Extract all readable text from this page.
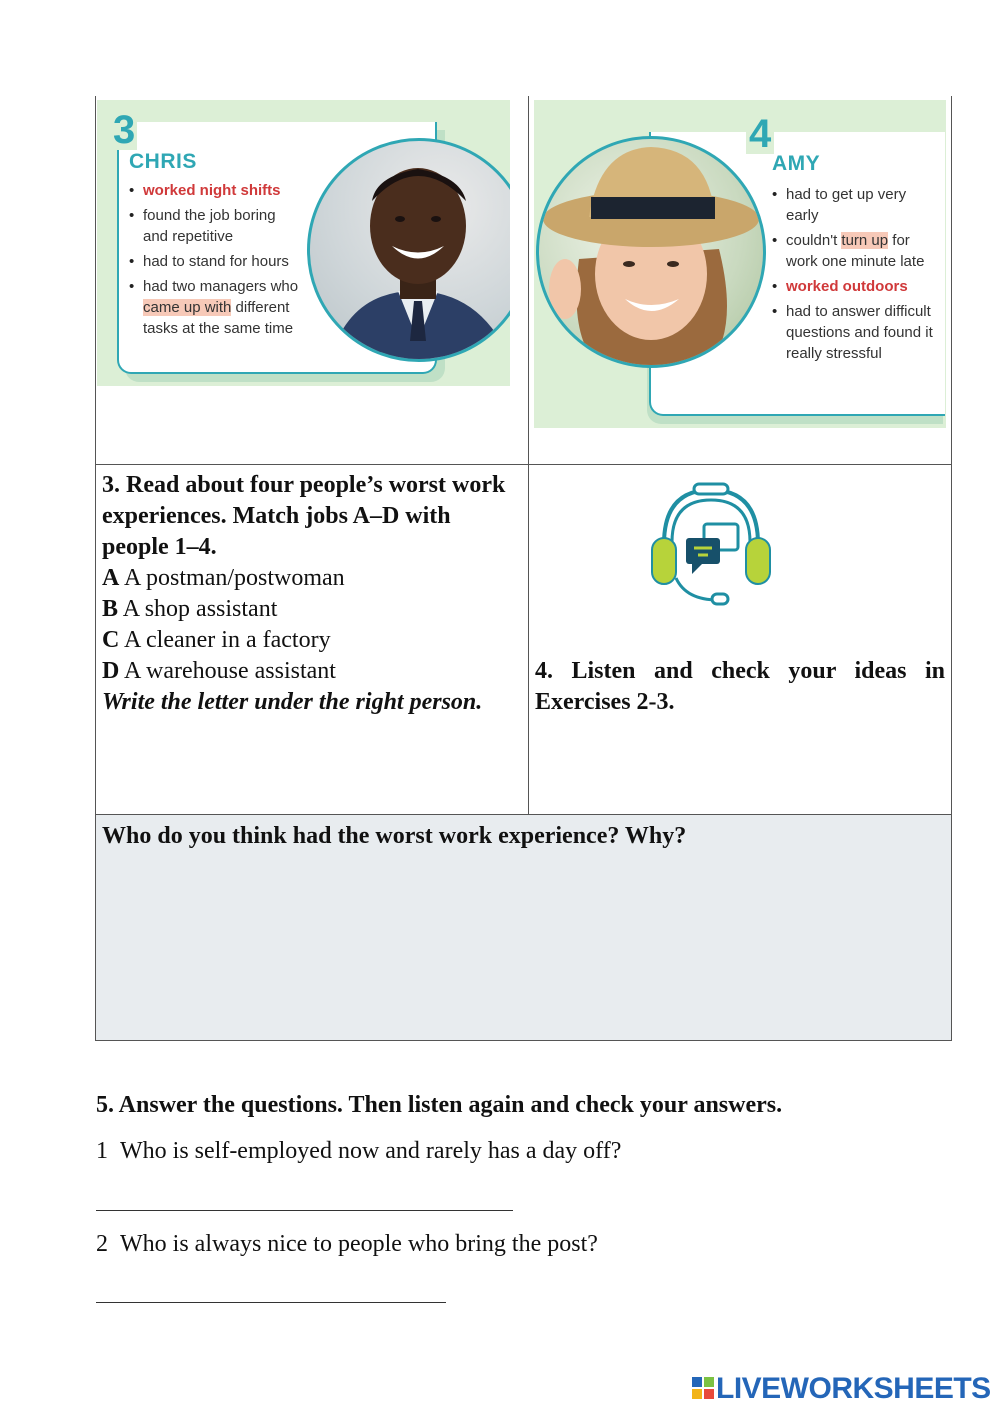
3
CHRIS
• worked night shifts
• found the job boring and repetitive
• had to stand for hours
• had two managers who came up with different tasks at the same time
4
AMY
• had to get up very early
• couldn't turn up for work one minute late
• worked outdoors
• had to answer difficult questions and found it really stressful
3. Read about four people’s worst work experiences. Match jobs A–D with people 1–4.
A A postman/postwoman
B A shop assistant
C A cleaner in a factory
D A warehouse assistant
Write the letter under the right person.
4. Listen and check your ideas in Exercises 2-3.
Who do you think had the worst work experience? Why?
5. Answer the questions. Then listen again and check your answers.
1 Who is self-employed now and rarely has a day off?
2 Who is always nice to people who bring the post?
LIVEWORKSHEETS
